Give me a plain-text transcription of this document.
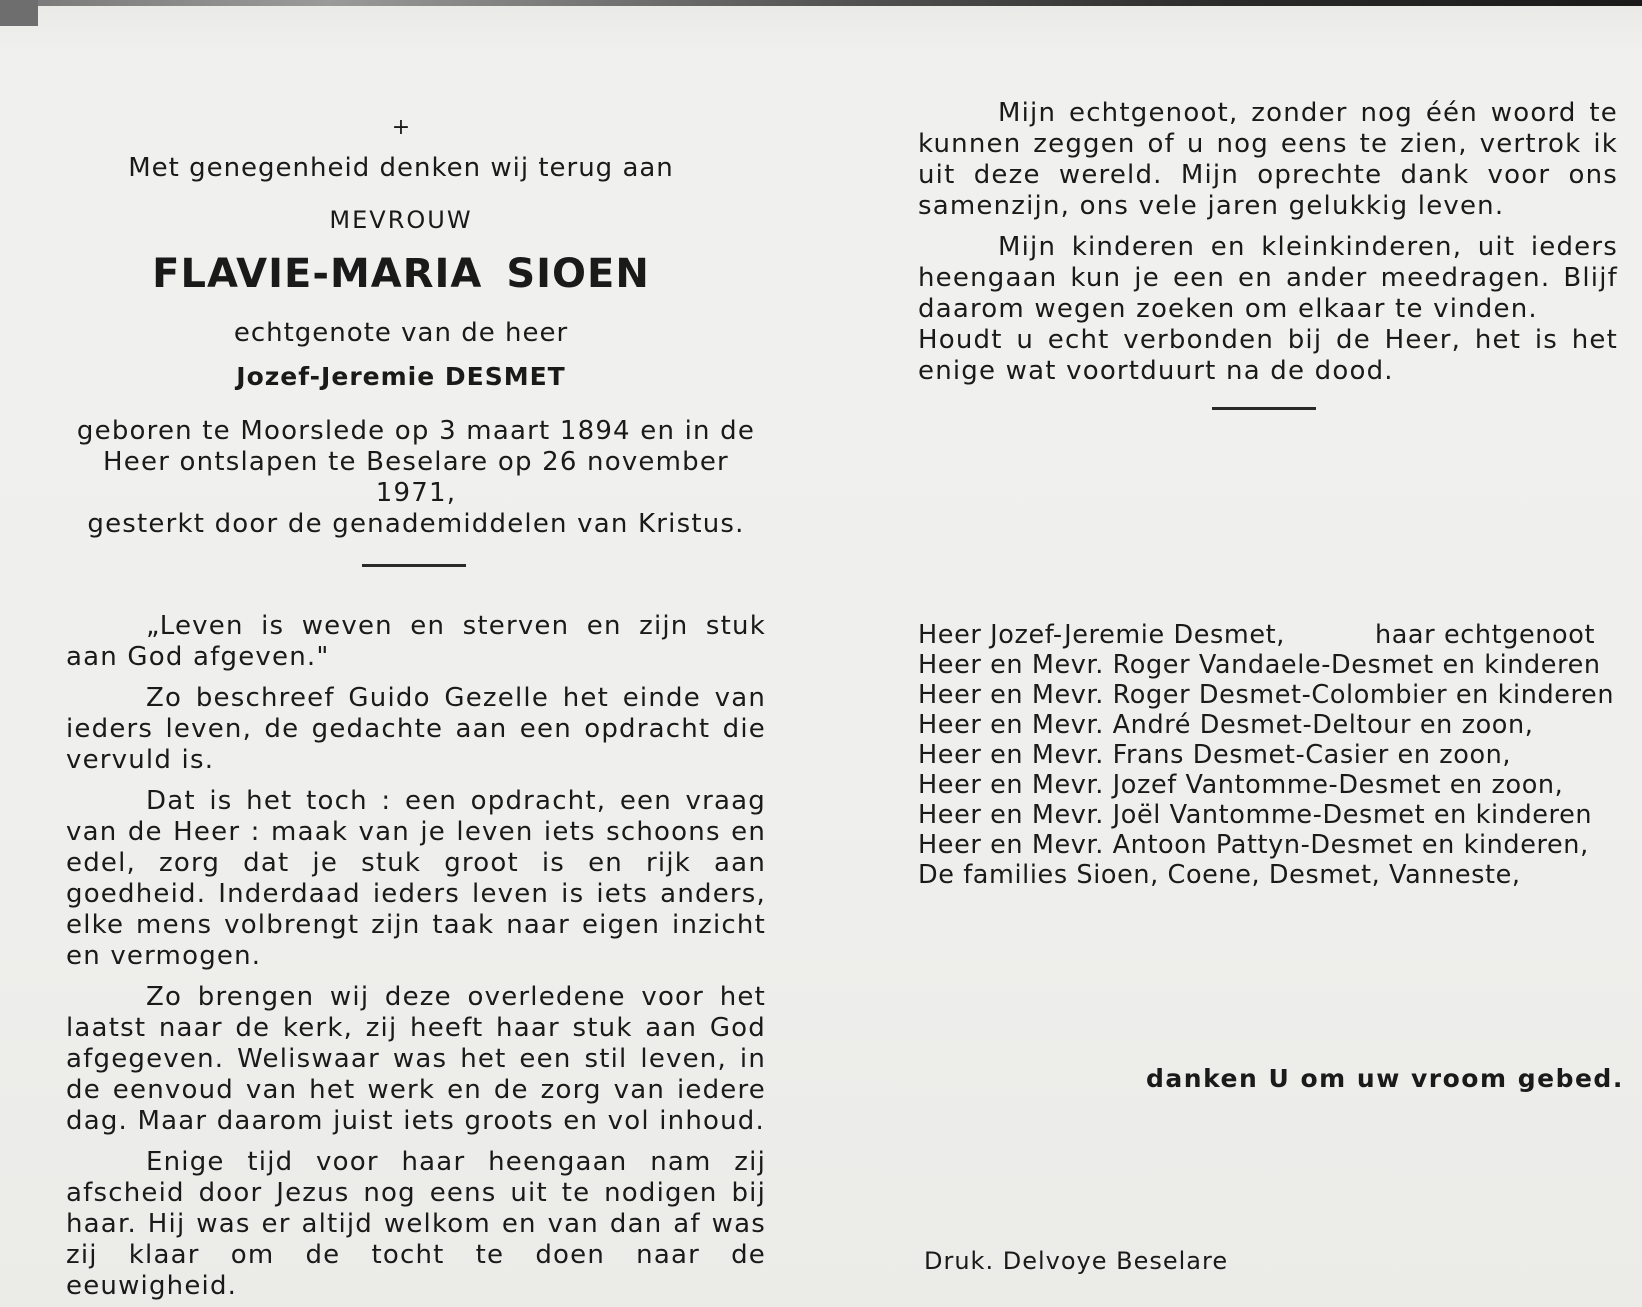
+
Met genegenheid denken wij terug aan
MEVROUW
FLAVIE-MARIA SIOEN
echtgenote van de heer
Jozef-Jeremie DESMET
geboren te Moorslede op 3 maart 1894 en in de
Heer ontslapen te Beselare op 26 november 1971,
gesterkt door de genademiddelen van Kristus.
„Leven is weven en sterven en zijn stuk aan God afgeven."
Zo beschreef Guido Gezelle het einde van ieders leven, de gedachte aan een opdracht die vervuld is.
Dat is het toch : een opdracht, een vraag van de Heer : maak van je leven iets schoons en edel, zorg dat je stuk groot is en rijk aan goedheid. Inderdaad ieders leven is iets anders, elke mens volbrengt zijn taak naar eigen inzicht en vermogen.
Zo brengen wij deze overledene voor het laatst naar de kerk, zij heeft haar stuk aan God afgegeven. Weliswaar was het een stil leven, in de eenvoud van het werk en de zorg van iedere dag. Maar daarom juist iets groots en vol inhoud.
Enige tijd voor haar heengaan nam zij afscheid door Jezus nog eens uit te nodigen bij haar. Hij was er altijd welkom en van dan af was zij klaar om de tocht te doen naar de eeuwigheid.
Mijn echtgenoot, zonder nog één woord te kunnen zeggen of u nog eens te zien, vertrok ik uit deze wereld. Mijn oprechte dank voor ons samenzijn, ons vele jaren gelukkig leven.
Mijn kinderen en kleinkinderen, uit ieders heengaan kun je een en ander meedragen. Blijf daarom wegen zoeken om elkaar te vinden.
Houdt u echt verbonden bij de Heer, het is het enige wat voortduurt na de dood.
Heer Jozef-Jeremie Desmet,	haar echtgenoot
Heer en Mevr. Roger Vandaele-Desmet en kinderen
Heer en Mevr. Roger Desmet-Colombier en kinderen
Heer en Mevr. André Desmet-Deltour en zoon,
Heer en Mevr. Frans Desmet-Casier en zoon,
Heer en Mevr. Jozef Vantomme-Desmet en zoon,
Heer en Mevr. Joël Vantomme-Desmet en kinderen
Heer en Mevr. Antoon Pattyn-Desmet en kinderen,
De families Sioen, Coene, Desmet, Vanneste,
danken U om uw vroom gebed.
Druk. Delvoye Beselare
